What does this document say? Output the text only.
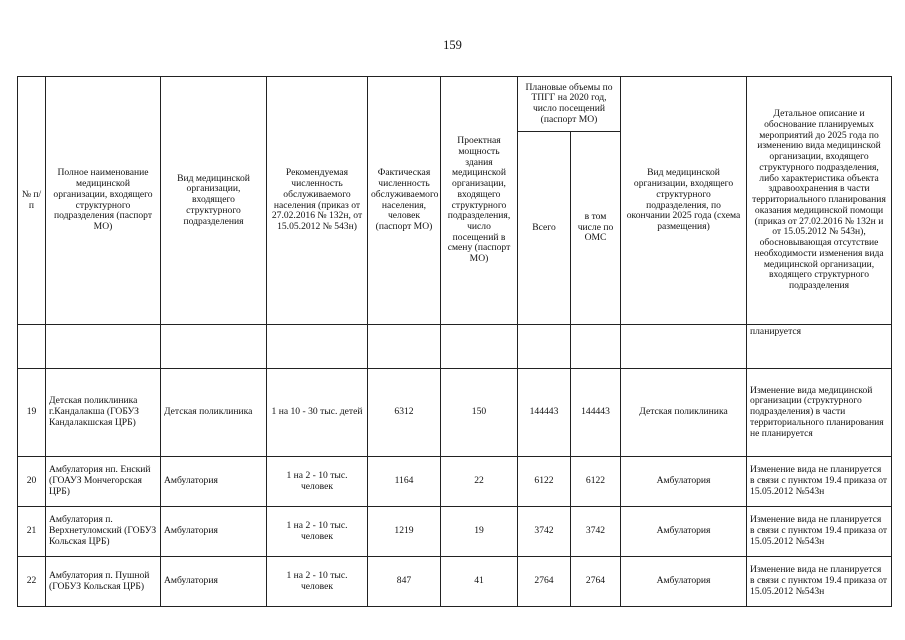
159
№ п/п	Полное наименование медицинской организации, входящего структурного подразделения (паспорт МО)	Вид медицинской организации, входящего структурного подразделения	Рекомендуемая численность обслуживаемого населения (приказ от 27.02.2016 № 132н, от 15.05.2012 № 543н)	Фактическая численность обслуживаемого населения, человек (паспорт МО)	Проектная мощность здания медицинской организации, входящего структурного подразделения, число посещений в смену (паспорт МО)	Плановые объемы по ТПГГ на 2020 год, число посещений (паспорт МО)		Вид медицинской организации, входящего структурного подразделения, по окончании 2025 года (схема размещения)	Детальное описание и обоснование планируемых мероприятий до 2025 года по изменению вида медицинской организации, входящего структурного подразделения, либо характеристика объекта здравоохранения в части территориального планирования оказания медицинской помощи (приказ от 27.02.2016 № 132н и от 15.05.2012 № 543н), обосновывающая отсутствие необходимости изменения вида медицинской организации, входящего структурного подразделения
						Всего	в том числе по ОМС		
									планируется
19	Детская поликлиника г.Кандалакша (ГОБУЗ Кандалакшская ЦРБ)	Детская поликлиника	1 на 10 - 30 тыс. детей	6312	150	144443	144443	Детская поликлиника	Изменение вида медицинской организации (структурного подразделения) в части территориального планирования не планируется
20	Амбулатория нп. Енский (ГОАУЗ Мончегорская ЦРБ)	Амбулатория	1 на 2 - 10 тыс. человек	1164	22	6122	6122	Амбулатория	Изменение вида не планируется в связи с пунктом 19.4 приказа от 15.05.2012 №543н
21	Амбулатория п. Верхнетуломский (ГОБУЗ Кольская ЦРБ)	Амбулатория	1 на 2 - 10 тыс. человек	1219	19	3742	3742	Амбулатория	Изменение вида не планируется в связи с пунктом 19.4 приказа от 15.05.2012 №543н
22	Амбулатория п. Пушной (ГОБУЗ Кольская ЦРБ)	Амбулатория	1 на 2 - 10 тыс. человек	847	41	2764	2764	Амбулатория	Изменение вида не планируется в связи с пунктом 19.4 приказа от 15.05.2012 №543н
